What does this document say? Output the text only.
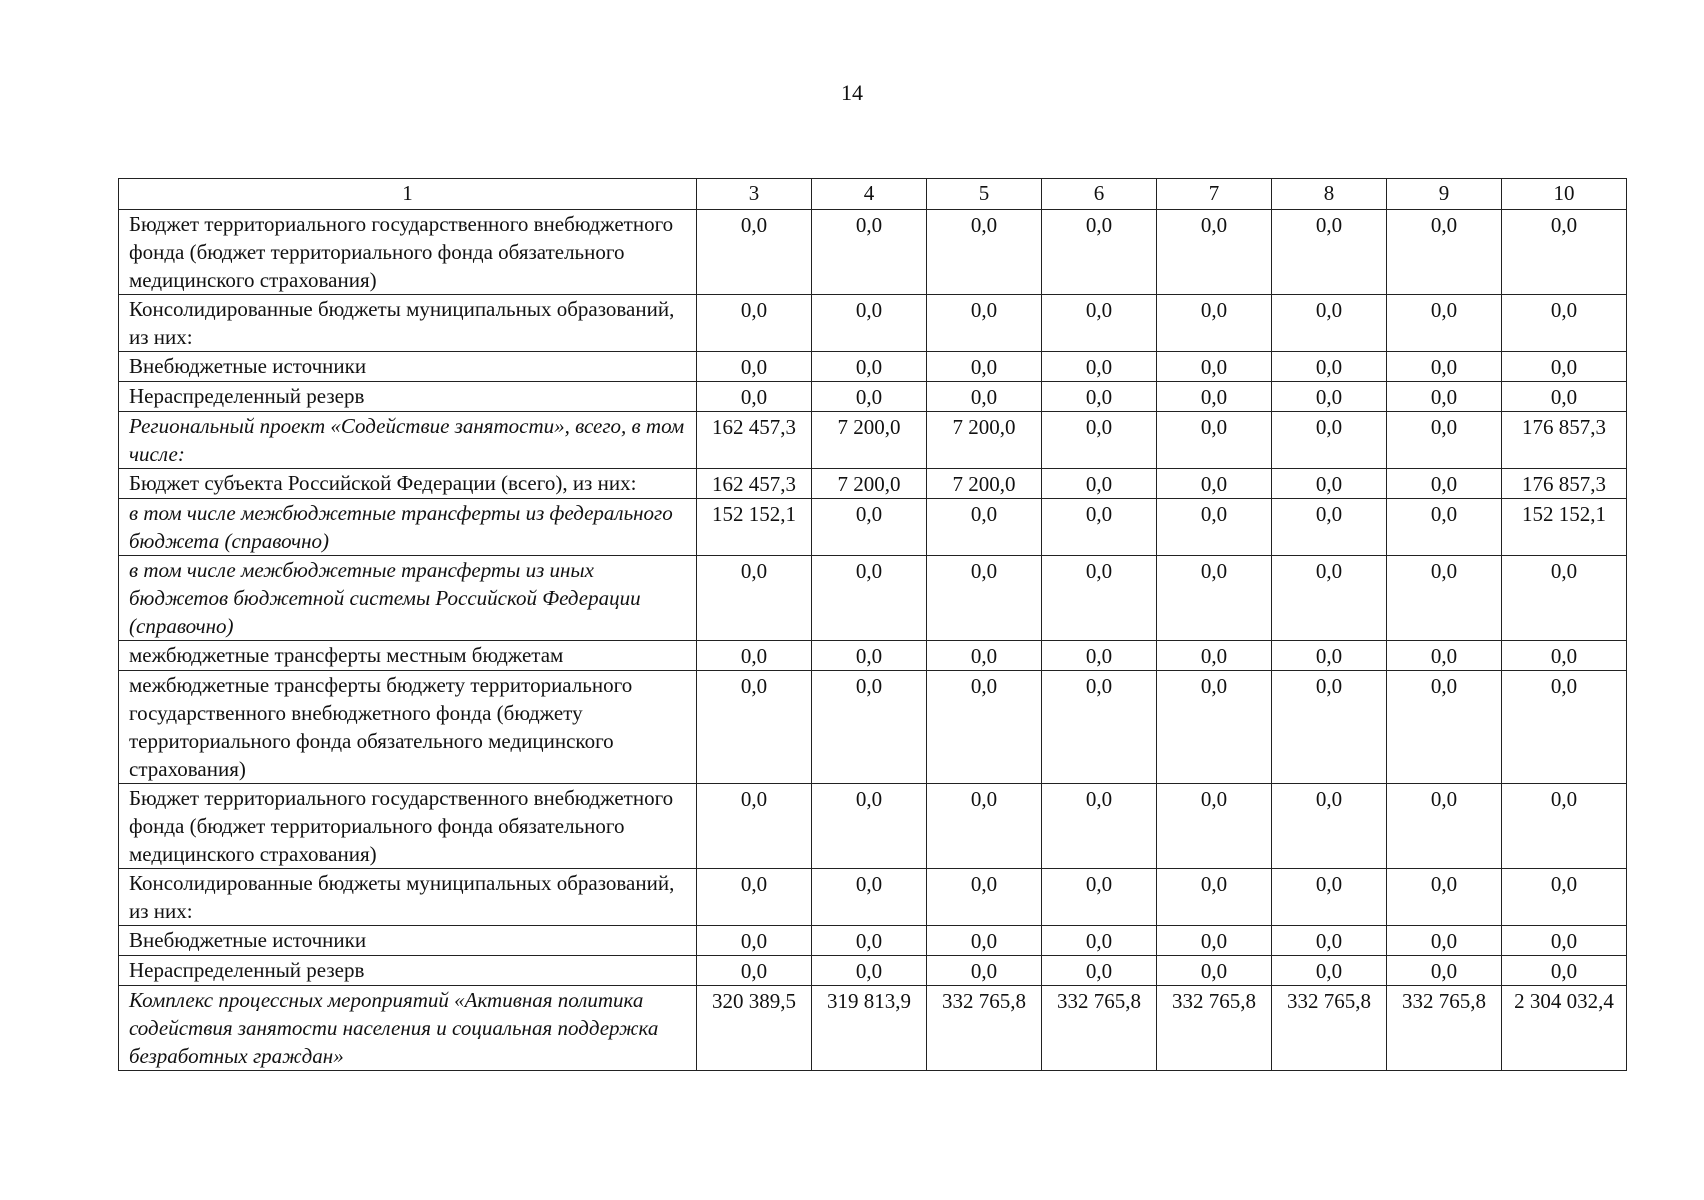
14
1	3	4	5	6	7	8	9	10
Бюджет территориального государственного внебюджетного фонда (бюджет территориального фонда обязательного медицинского страхования)	0,0	0,0	0,0	0,0	0,0	0,0	0,0	0,0
Консолидированные бюджеты муниципальных образований, из них:	0,0	0,0	0,0	0,0	0,0	0,0	0,0	0,0
Внебюджетные источники	0,0	0,0	0,0	0,0	0,0	0,0	0,0	0,0
Нераспределенный резерв	0,0	0,0	0,0	0,0	0,0	0,0	0,0	0,0
Региональный проект «Содействие занятости», всего, в том числе:	162 457,3	7 200,0	7 200,0	0,0	0,0	0,0	0,0	176 857,3
Бюджет субъекта Российской Федерации (всего), из них:	162 457,3	7 200,0	7 200,0	0,0	0,0	0,0	0,0	176 857,3
в том числе межбюджетные трансферты из федерального бюджета (справочно)	152 152,1	0,0	0,0	0,0	0,0	0,0	0,0	152 152,1
в том числе межбюджетные трансферты из иных бюджетов бюджетной системы Российской Федерации (справочно)	0,0	0,0	0,0	0,0	0,0	0,0	0,0	0,0
межбюджетные трансферты местным бюджетам	0,0	0,0	0,0	0,0	0,0	0,0	0,0	0,0
межбюджетные трансферты бюджету территориального государственного внебюджетного фонда (бюджету территориального фонда обязательного медицинского страхования)	0,0	0,0	0,0	0,0	0,0	0,0	0,0	0,0
Бюджет территориального государственного внебюджетного фонда (бюджет территориального фонда обязательного медицинского страхования)	0,0	0,0	0,0	0,0	0,0	0,0	0,0	0,0
Консолидированные бюджеты муниципальных образований, из них:	0,0	0,0	0,0	0,0	0,0	0,0	0,0	0,0
Внебюджетные источники	0,0	0,0	0,0	0,0	0,0	0,0	0,0	0,0
Нераспределенный резерв	0,0	0,0	0,0	0,0	0,0	0,0	0,0	0,0
Комплекс процессных мероприятий «Активная политика содействия занятости населения и социальная поддержка безработных граждан»	320 389,5	319 813,9	332 765,8	332 765,8	332 765,8	332 765,8	332 765,8	2 304 032,4
